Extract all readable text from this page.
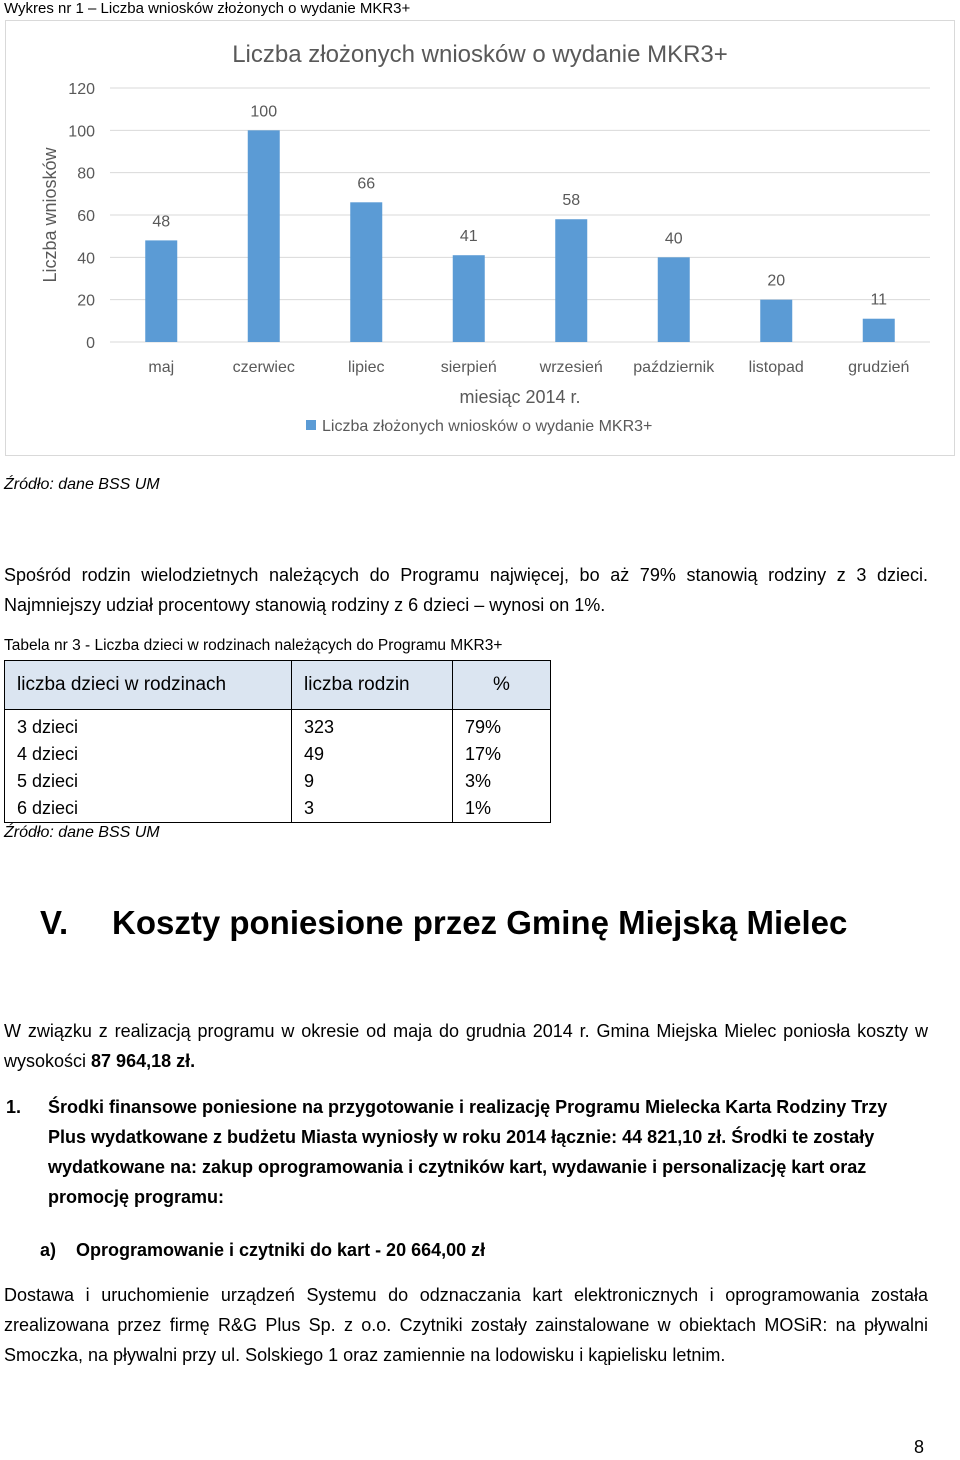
Wykres nr 1 – Liczba wniosków złożonych o wydanie MKR3+
Liczba złożonych wniosków o wydanie MKR3+
0
20
40
60
80
100
120
Liczba wniosków	48
maj
100
czerwiec
66
lipiec
41
sierpień
58
wrzesień
40
październik
20
listopad
11
grudzień
miesiąc 2014 r.
Liczba złożonych wniosków o wydanie MKR3+
Źródło: dane BSS UM
Spośród rodzin wielodzietnych należących do Programu najwięcej, bo aż 79% stanowią rodziny z 3 dzieci. Najmniejszy udział procentowy stanowią rodziny z 6 dzieci – wynosi on 1%.
Tabela nr 3 - Liczba dzieci w rodzinach należących do Programu MKR3+
liczba dzieci w rodzinach	liczba rodzin	%
3 dzieci	323	79%
4 dzieci	49	17%
5 dzieci	9	3%
6 dzieci	3	1%
Źródło: dane BSS UM
V. Koszty poniesione przez Gminę Miejską Mielec
W związku z realizacją programu w okresie od maja do grudnia 2014 r. Gmina Miejska Mielec poniosła koszty w wysokości 87 964,18 zł.
1. Środki finansowe poniesione na przygotowanie i realizację Programu Mielecka Karta Rodziny Trzy Plus wydatkowane z budżetu Miasta wyniosły w roku 2014 łącznie: 44 821,10 zł. Środki te zostały wydatkowane na: zakup oprogramowania i czytników kart, wydawanie i personalizację kart oraz promocję programu:
a) Oprogramowanie i czytniki do kart - 20 664,00 zł
Dostawa i uruchomienie urządzeń Systemu do odznaczania kart elektronicznych i oprogramowania została zrealizowana przez firmę R&G Plus Sp. z o.o. Czytniki zostały zainstalowane w obiektach MOSiR: na pływalni Smoczka, na pływalni przy ul. Solskiego 1 oraz zamiennie na lodowisku i kąpielisku letnim.
8
